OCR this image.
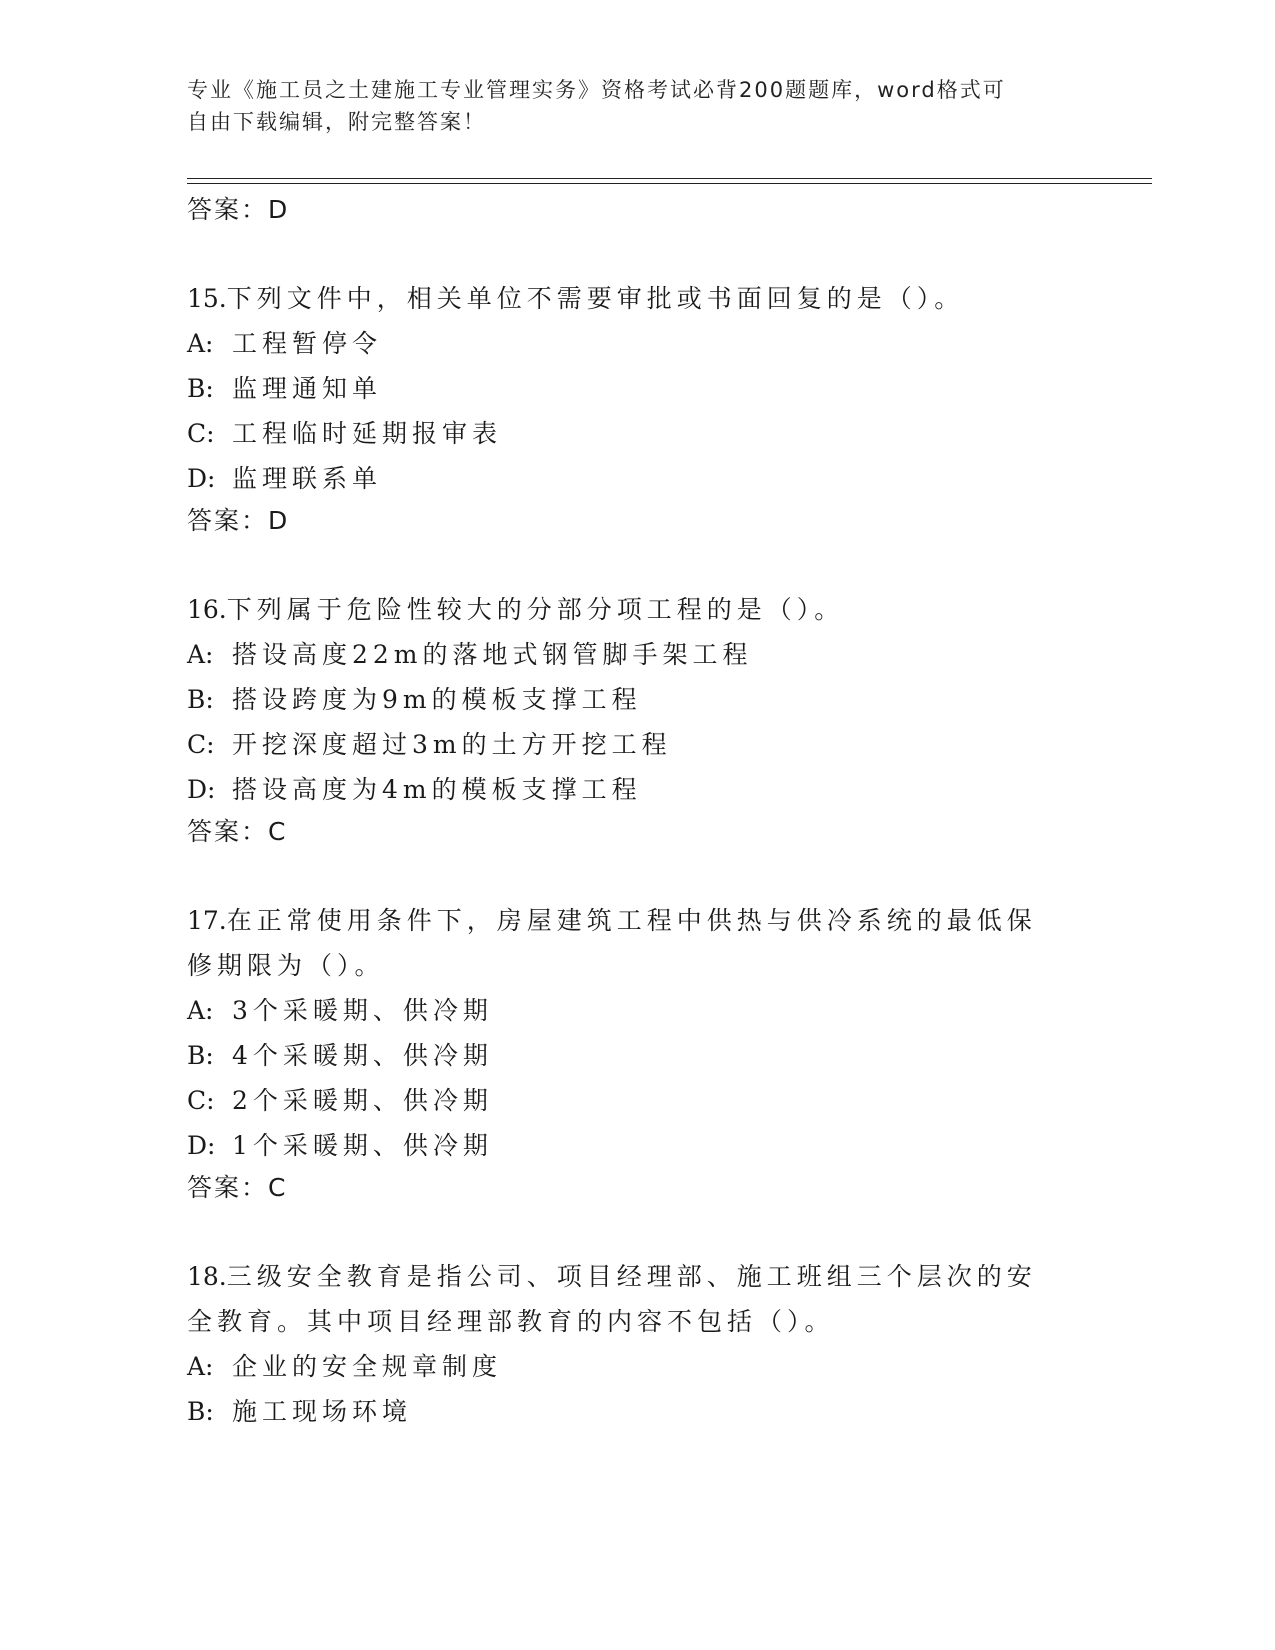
专业《施工员之土建施工专业管理实务》资格考试必背200题题库，word格式可
自由下载编辑，附完整答案！
答案：D
15.下列文件中，相关单位不需要审批或书面回复的是（）。
A: 工程暂停令
B: 监理通知单
C: 工程临时延期报审表
D: 监理联系单
答案：D
16.下列属于危险性较大的分部分项工程的是（）。
A: 搭设高度22m的落地式钢管脚手架工程
B: 搭设跨度为9m的模板支撑工程
C: 开挖深度超过3m的土方开挖工程
D: 搭设高度为4m的模板支撑工程
答案：C
17.在正常使用条件下，房屋建筑工程中供热与供冷系统的最低保修期限为（）。
A: 3个采暖期、供冷期
B: 4个采暖期、供冷期
C: 2个采暖期、供冷期
D: 1个采暖期、供冷期
答案：C
18.三级安全教育是指公司、项目经理部、施工班组三个层次的安全教育。其中项目经理部教育的内容不包括（）。
A: 企业的安全规章制度
B: 施工现场环境
